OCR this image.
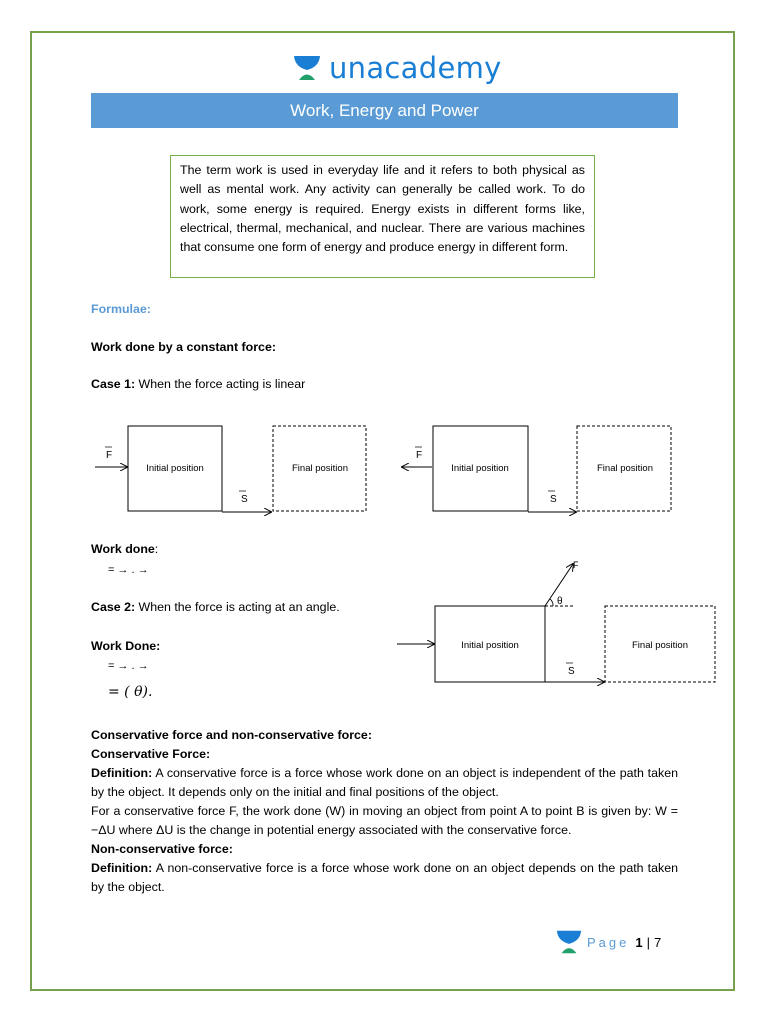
unacademy
Work, Energy and Power
The term work is used in everyday life and it refers to both physical as well as mental work. Any activity can generally be called work. To do work, some energy is required. Energy exists in different forms like, electrical, thermal, mechanical, and nuclear. There are various machines that consume one form of energy and produce energy in different form.
Formulae:
Work done by a constant force:
Case 1: When the force acting is linear
F
Initial position	Final position
S
F
Initial position	Final position
S
Work done:
= → . →
Case 2: When the force is acting at an angle.
Work Done:
= → . →
= ( θ).
Initial position
F
θ
Final position
S
Conservative force and non-conservative force:
Conservative Force:
Definition: A conservative force is a force whose work done on an object is independent of the path taken by the object. It depends only on the initial and final positions of the object.
For a conservative force F, the work done (W) in moving an object from point A to point B is given by: W = −ΔU where ΔU is the change in potential energy associated with the conservative force.
Non-conservative force:
Definition: A non-conservative force is a force whose work done on an object depends on the path taken by the object.
Page 1 | 7
